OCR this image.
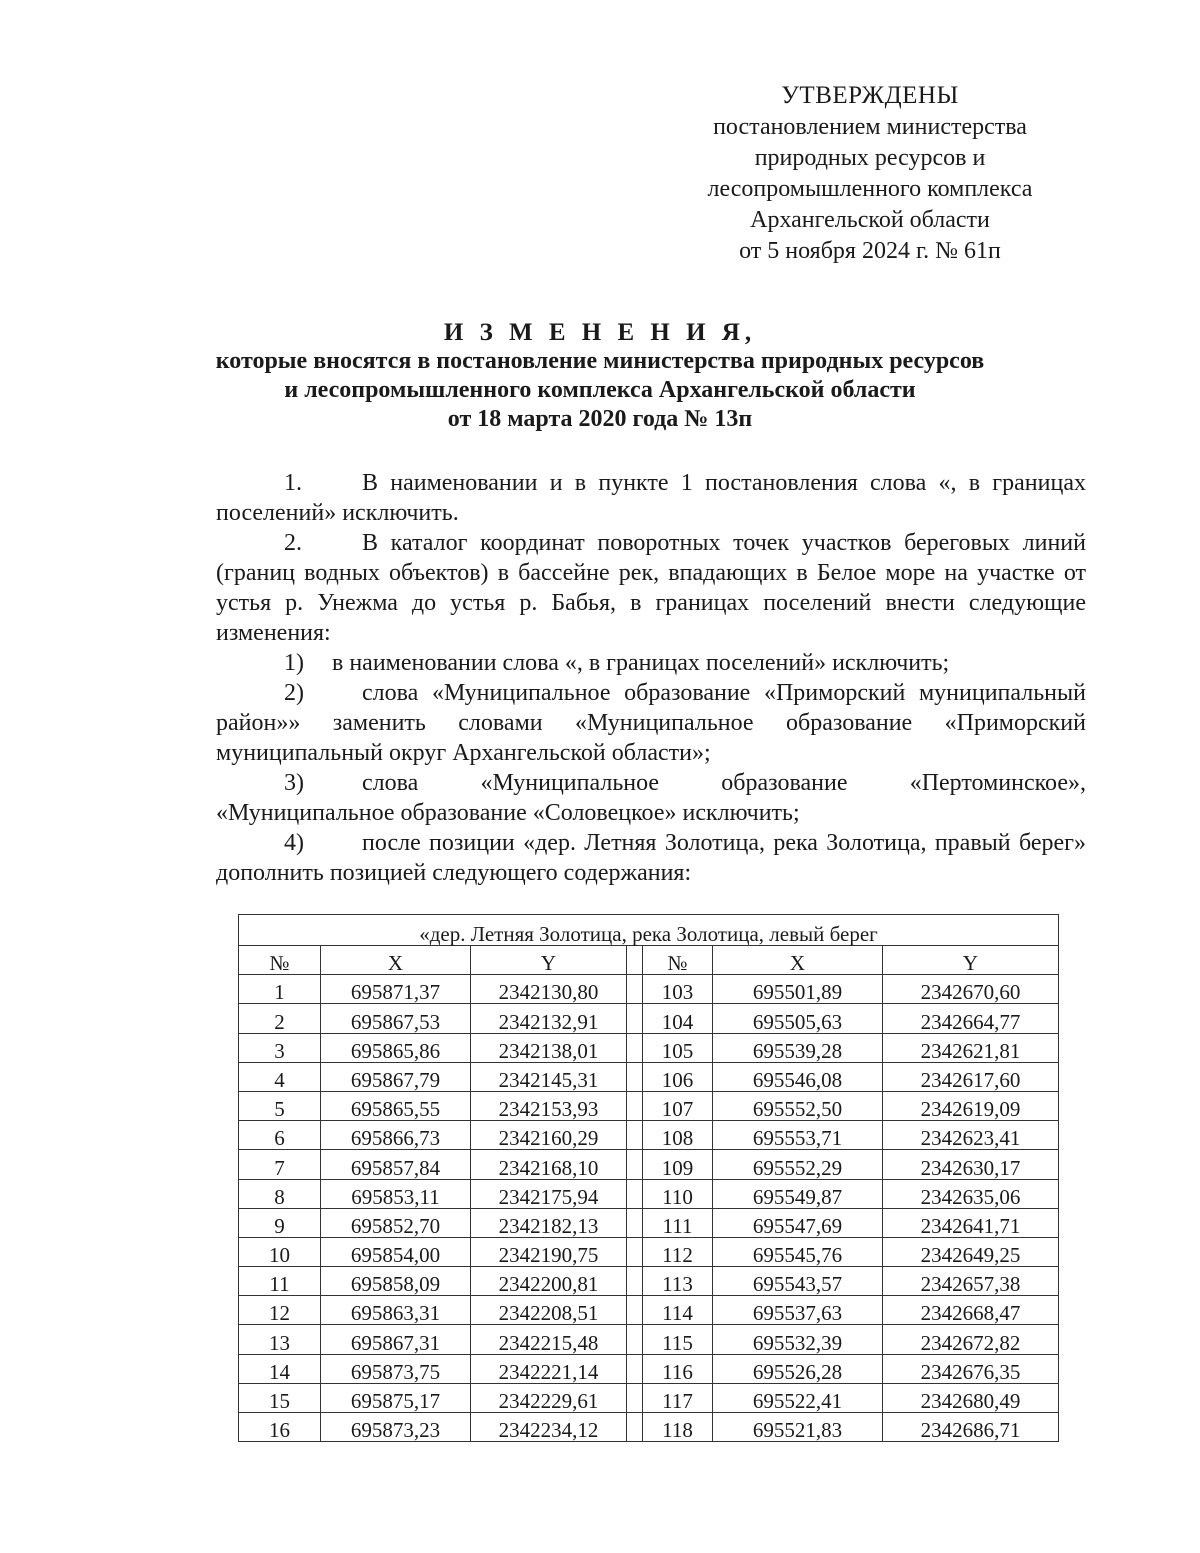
УТВЕРЖДЕНЫ
постановлением министерства
природных ресурсов и
лесопромышленного комплекса
Архангельской области
от 5 ноября 2024 г. № 61п
И З М Е Н Е Н И Я,
которые вносятся в постановление министерства природных ресурсов
и лесопромышленного комплекса Архангельской области
от 18 марта 2020 года № 13п

1.	В наименовании и в пункте 1 постановления слова «, в границах поселений» исключить.

2.	В каталог координат поворотных точек участков береговых линий (границ водных объектов) в бассейне рек, впадающих в Белое море на участке от устья р. Унежма до устья р. Бабья, в границах поселений внести следующие изменения:

1) в наименовании слова «, в границах поселений» исключить;

2) слова «Муниципальное образование «Приморский муниципальный район»» заменить словами «Муниципальное образование «Приморский муниципальный округ Архангельской области»;

3) слова «Муниципальное образование «Пертоминское», «Муниципальное образование «Соловецкое» исключить;

4) после позиции «дер. Летняя Золотица, река Золотица, правый берег» дополнить позицией следующего содержания:

«дер. Летняя Золотица, река Золотица, левый берег						
№	X	Y		№	X	Y
1	695871,37	2342130,80		103	695501,89	2342670,60
2	695867,53	2342132,91		104	695505,63	2342664,77
3	695865,86	2342138,01		105	695539,28	2342621,81
4	695867,79	2342145,31		106	695546,08	2342617,60
5	695865,55	2342153,93		107	695552,50	2342619,09
6	695866,73	2342160,29		108	695553,71	2342623,41
7	695857,84	2342168,10		109	695552,29	2342630,17
8	695853,11	2342175,94		110	695549,87	2342635,06
9	695852,70	2342182,13		111	695547,69	2342641,71
10	695854,00	2342190,75		112	695545,76	2342649,25
11	695858,09	2342200,81		113	695543,57	2342657,38
12	695863,31	2342208,51		114	695537,63	2342668,47
13	695867,31	2342215,48		115	695532,39	2342672,82
14	695873,75	2342221,14		116	695526,28	2342676,35
15	695875,17	2342229,61		117	695522,41	2342680,49
16	695873,23	2342234,12		118	695521,83	2342686,71
